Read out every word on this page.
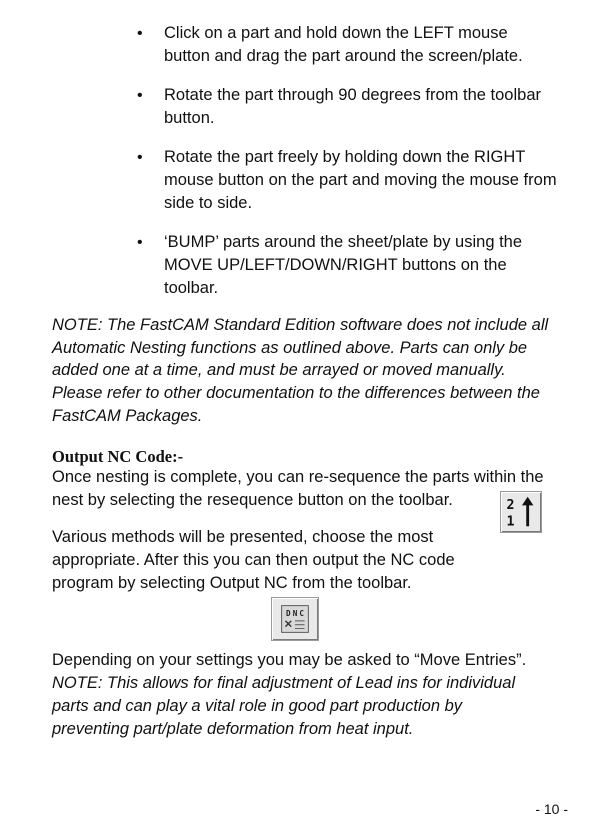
• Click on a part and hold down the LEFT mouse button and drag the part around the screen/plate.
• Rotate the part through 90 degrees from the toolbar button.
• Rotate the part freely by holding down the RIGHT mouse button on the part and moving the mouse from side to side.
• ‘BUMP’ parts around the sheet/plate by using the MOVE UP/LEFT/DOWN/RIGHT buttons on the toolbar.

NOTE: The FastCAM Standard Edition software does not include all Automatic Nesting functions as outlined above. Parts can only be added one at a time, and must be arrayed or moved manually. Please refer to other documentation to the differences between the FastCAM Packages.

Output NC Code:-

Once nesting is complete, you can re-sequence the parts within the nest by selecting the resequence button on the toolbar.	2
1

Various methods will be presented, choose the most appropriate. After this you can then output the NC code program by selecting Output NC from the toolbar.

D N C

Depending on your settings you may be asked to “Move Entries”. NOTE: This allows for final adjustment of Lead ins for individual parts and can play a vital role in good part production by preventing part/plate deformation from heat input.

- 10 -
